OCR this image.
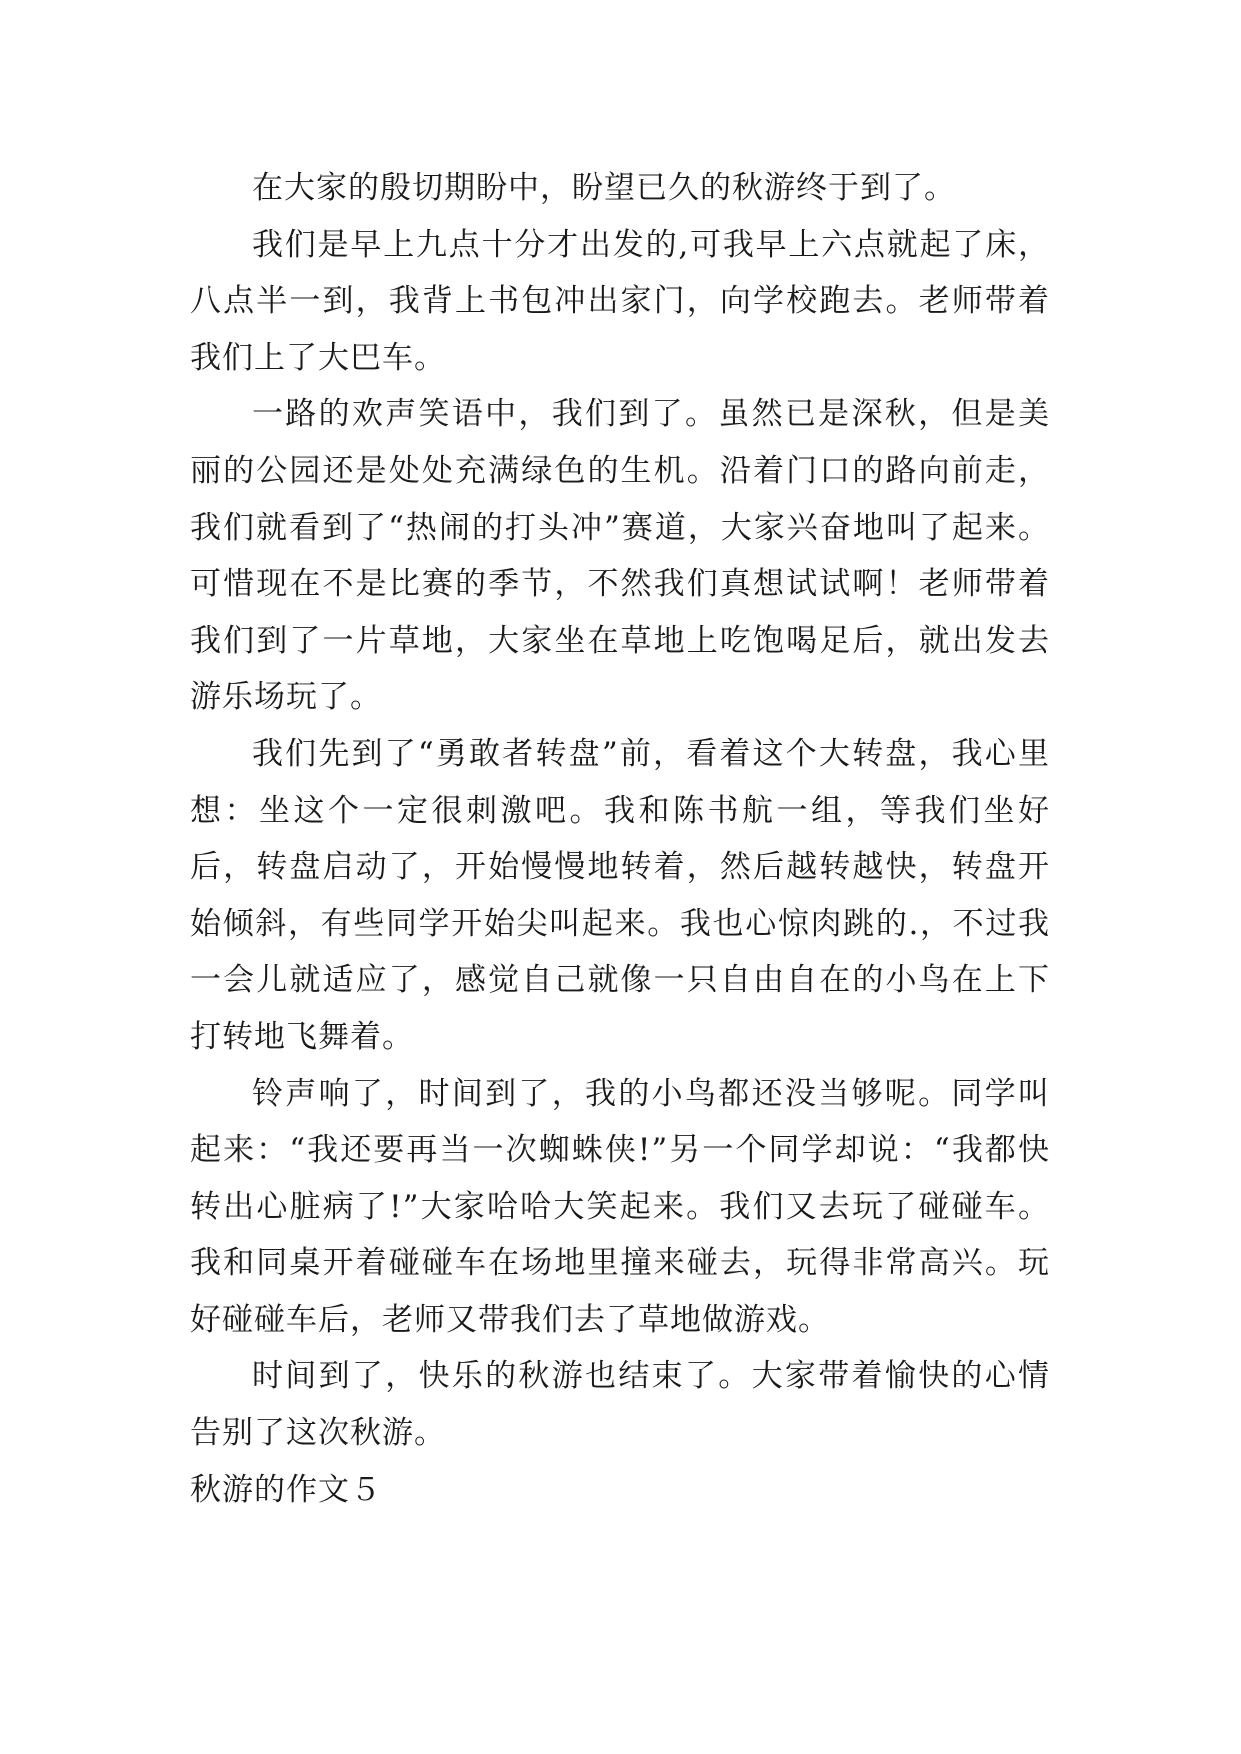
在大家的殷切期盼中，盼望已久的秋游终于到了。

我们是早上九点十分才出发的,可我早上六点就起了床，八点半一到，我背上书包冲出家门，向学校跑去。老师带着我们上了大巴车。

一路的欢声笑语中，我们到了。虽然已是深秋，但是美丽的公园还是处处充满绿色的生机。沿着门口的路向前走，我们就看到了“热闹的打头冲”赛道，大家兴奋地叫了起来。可惜现在不是比赛的季节，不然我们真想试试啊！老师带着我们到了一片草地，大家坐在草地上吃饱喝足后，就出发去游乐场玩了。

我们先到了“勇敢者转盘”前，看着这个大转盘，我心里想：坐这个一定很刺激吧。我和陈书航一组，等我们坐好后，转盘启动了，开始慢慢地转着，然后越转越快，转盘开始倾斜，有些同学开始尖叫起来。我也心惊肉跳的.，不过我一会儿就适应了，感觉自己就像一只自由自在的小鸟在上下打转地飞舞着。

铃声响了，时间到了，我的小鸟都还没当够呢。同学叫起来：“我还要再当一次蜘蛛侠!”另一个同学却说：“我都快转出心脏病了!”大家哈哈大笑起来。我们又去玩了碰碰车。我和同桌开着碰碰车在场地里撞来碰去，玩得非常高兴。玩好碰碰车后，老师又带我们去了草地做游戏。

时间到了，快乐的秋游也结束了。大家带着愉快的心情告别了这次秋游。

秋游的作文５
